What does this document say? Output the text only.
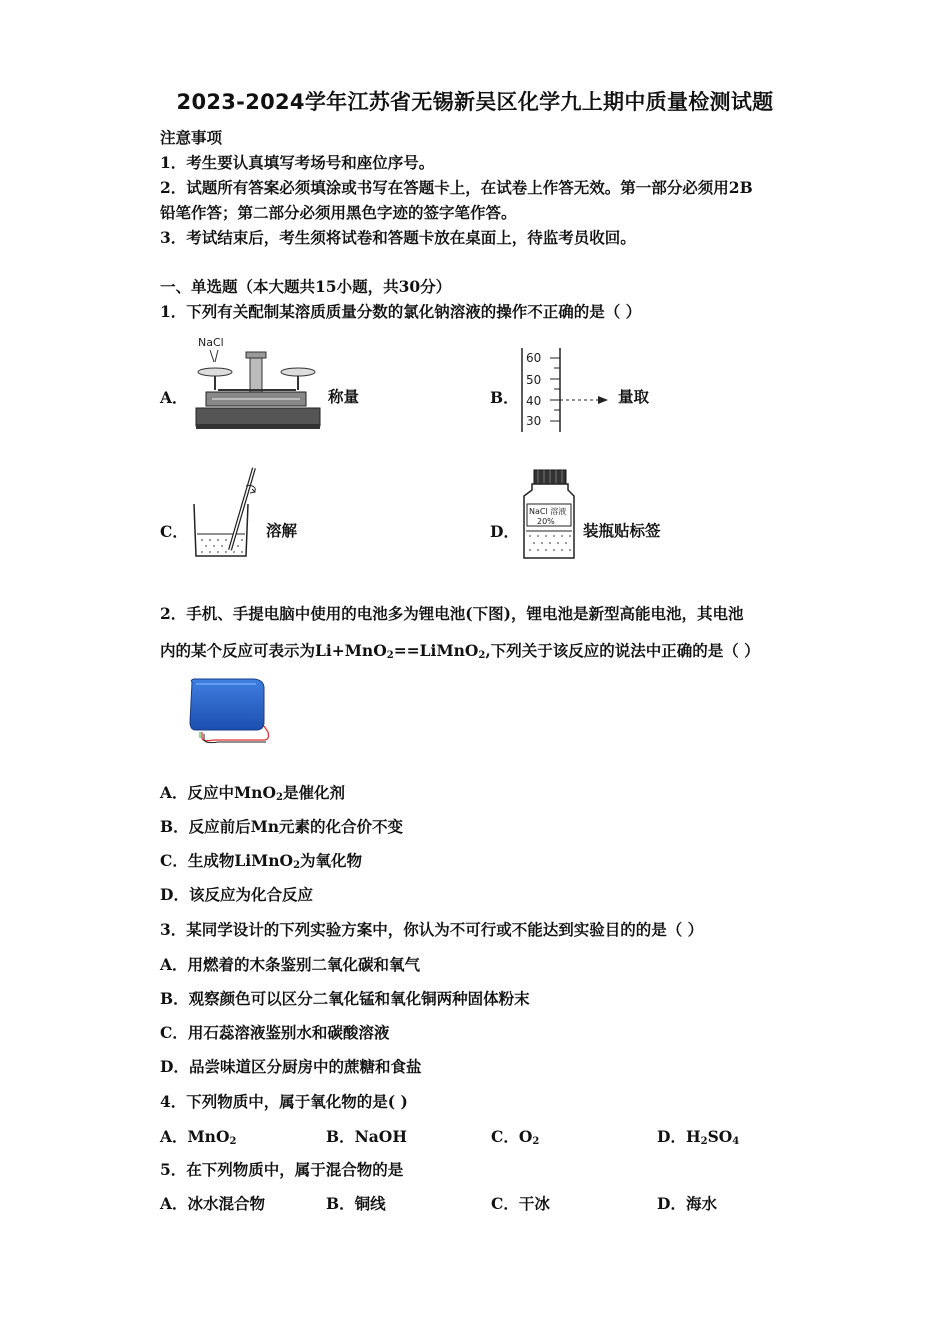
2023-2024学年江苏省无锡新吴区化学九上期中质量检测试题
注意事项
1．考生要认真填写考场号和座位序号。
2．试题所有答案必须填涂或书写在答题卡上，在试卷上作答无效。第一部分必须用2B
铅笔作答；第二部分必须用黑色字迹的签字笔作答。
3．考试结束后，考生须将试卷和答题卡放在桌面上，待监考员收回。
一、单选题（本大题共15小题，共30分）
1．下列有关配制某溶质质量分数的氯化钠溶液的操作不正确的是（ ）
A．
NaCl
称量	B．
60
50
40
30
量取
C．	溶解	D．
NaCl 溶液
20%
装瓶贴标签
2．手机、手提电脑中使用的电池多为锂电池(下图)，锂电池是新型高能电池，其电池
内的某个反应可表示为Li+MnO$_2$==LiMnO$_2$,下列关于该反应的说法中正确的是（ ）
A．反应中MnO$_2$是催化剂
B．反应前后Mn元素的化合价不变
C．生成物LiMnO$_2$为氧化物
D．该反应为化合反应
3．某同学设计的下列实验方案中，你认为不可行或不能达到实验目的的是（ ）
A．用燃着的木条鉴别二氧化碳和氧气
B．观察颜色可以区分二氧化锰和氧化铜两种固体粉末
C．用石蕊溶液鉴别水和碳酸溶液
D．品尝味道区分厨房中的蔗糖和食盐
4．下列物质中，属于氧化物的是( )
A．MnO$_2$	B．NaOH	C．$O_2$	D．$H_2SO_4$
5．在下列物质中，属于混合物的是
A．冰水混合物	B．铜线	C．干冰	D．海水
